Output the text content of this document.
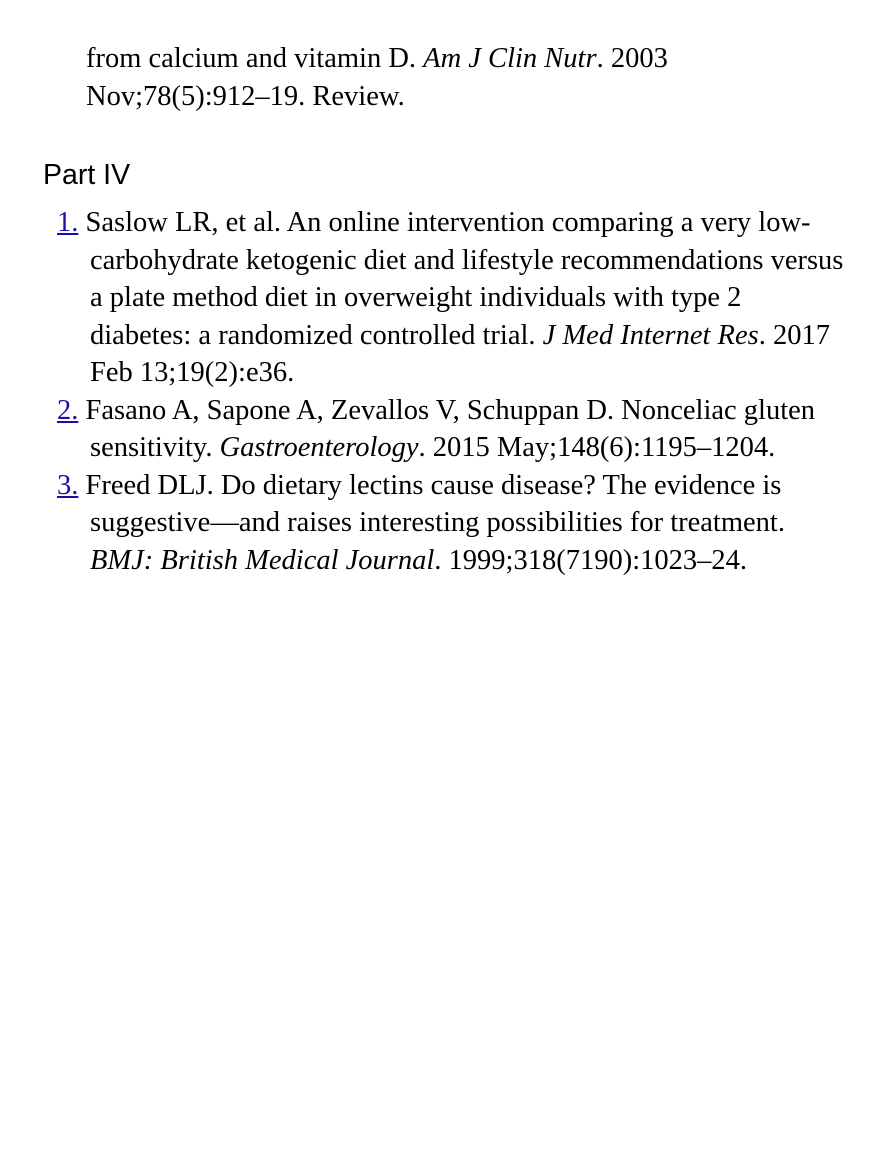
from calcium and vitamin D. Am J Clin Nutr. 2003 Nov;78(5):912–19. Review.
Part IV
1. Saslow LR, et al. An online intervention comparing a very low-carbohydrate ketogenic diet and lifestyle recommendations versus a plate method diet in overweight individuals with type 2 diabetes: a randomized controlled trial. J Med Internet Res. 2017 Feb 13;19(2):e36.
2. Fasano A, Sapone A, Zevallos V, Schuppan D. Nonceliac gluten sensitivity. Gastroenterology. 2015 May;148(6):1195–1204.
3. Freed DLJ. Do dietary lectins cause disease? The evidence is suggestive—and raises interesting possibilities for treatment. BMJ: British Medical Journal. 1999;318(7190):1023–24.
